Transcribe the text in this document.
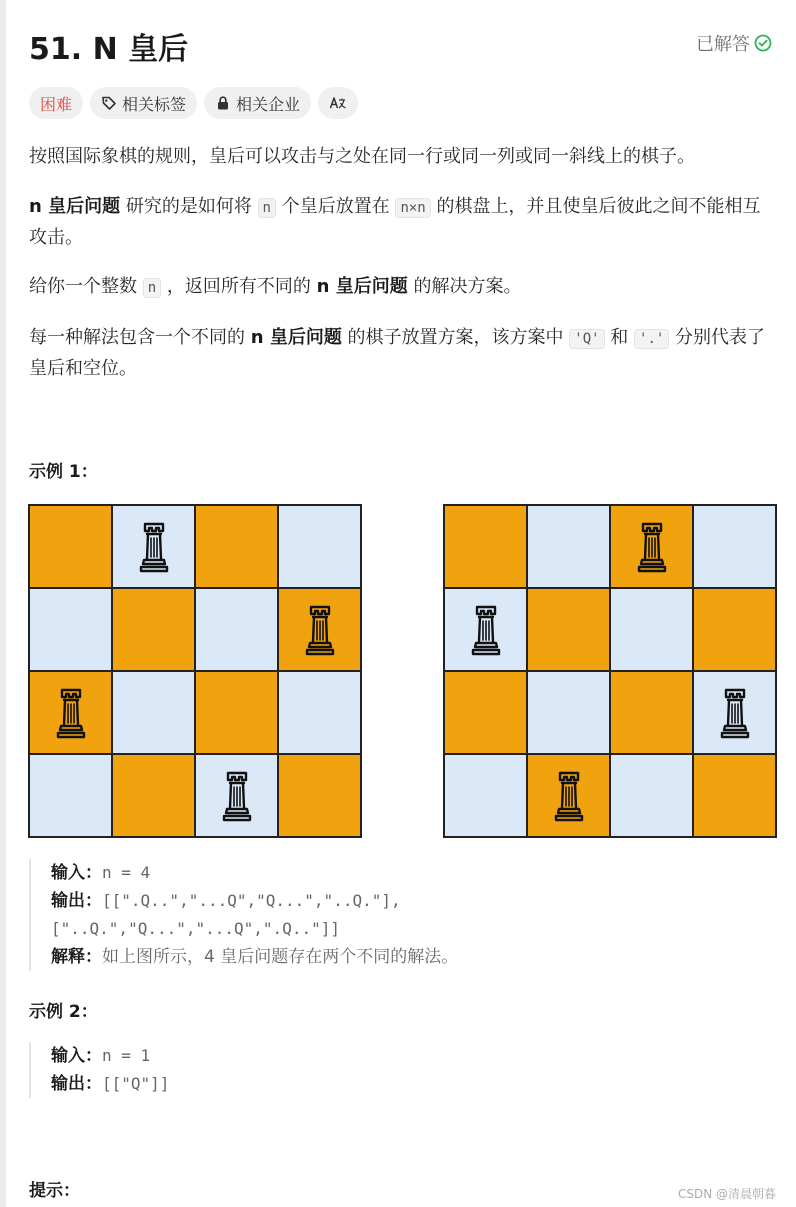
51. N 皇后	已解答
困难	相关标签	相关企业
按照国际象棋的规则，皇后可以攻击与之处在同一行或同一列或同一斜线上的棋子。
n 皇后问题 研究的是如何将 n 个皇后放置在 n×n 的棋盘上，并且使皇后彼此之间不能相互攻击。
给你一个整数 n ，返回所有不同的 n 皇后问题 的解决方案。
每一种解法包含一个不同的 n 皇后问题 的棋子放置方案，该方案中 'Q' 和 '.' 分别代表了皇后和空位。
示例 1：
输入：n = 4
输出：[[".Q..","...Q","Q...","..Q."],
["..Q.","Q...","...Q",".Q.."]]
解释：如上图所示，4 皇后问题存在两个不同的解法。
示例 2：
输入：n = 1
输出：[["Q"]]
提示：	CSDN @清晨朝暮
